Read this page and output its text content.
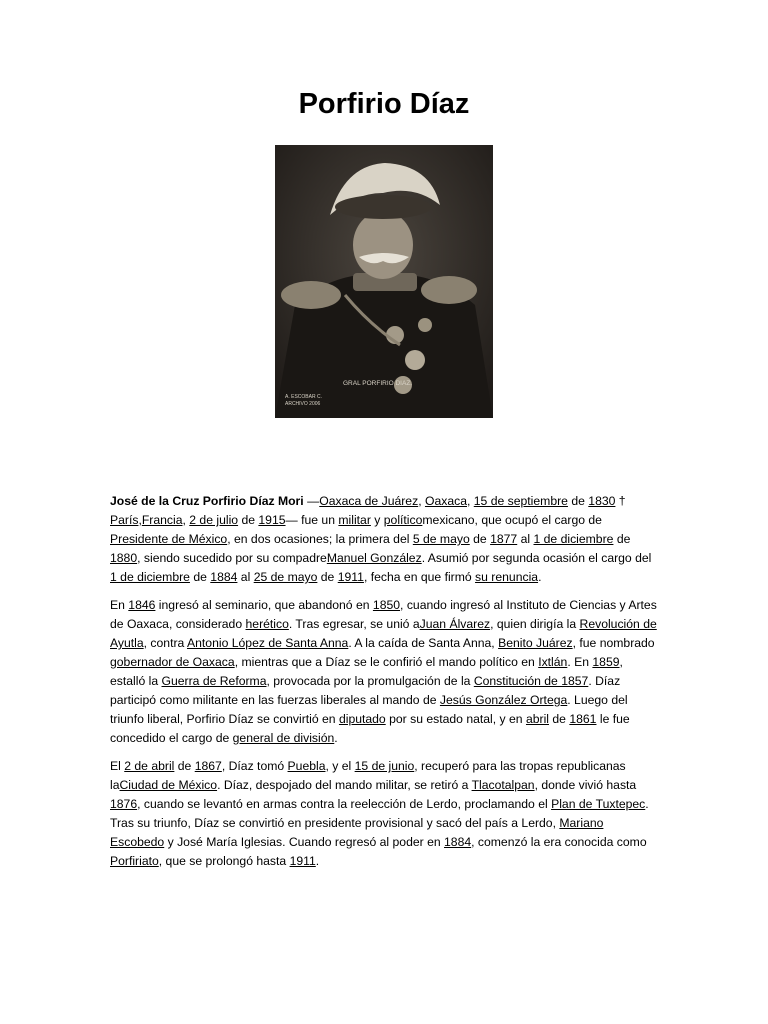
Porfirio Díaz
GRAL PORFIRIO DIAZ.
A. ESCOBAR C.
ARCHIVO 2006

José de la Cruz Porfirio Díaz Mori —Oaxaca de Juárez, Oaxaca, 15 de septiembre de 1830 † París,Francia, 2 de julio de 1915— fue un militar y políticomexicano, que ocupó el cargo de Presidente de México, en dos ocasiones; la primera del 5 de mayo de 1877 al 1 de diciembre de 1880, siendo sucedido por su compadreManuel González. Asumió por segunda ocasión el cargo del 1 de diciembre de 1884 al 25 de mayo de 1911, fecha en que firmó su renuncia.

En 1846 ingresó al seminario, que abandonó en 1850, cuando ingresó al Instituto de Ciencias y Artes de Oaxaca, considerado herético. Tras egresar, se unió aJuan Álvarez, quien dirigía la Revolución de Ayutla, contra Antonio López de Santa Anna. A la caída de Santa Anna, Benito Juárez, fue nombrado gobernador de Oaxaca, mientras que a Díaz se le confirió el mando político en Ixtlán. En 1859, estalló la Guerra de Reforma, provocada por la promulgación de la Constitución de 1857. Díaz participó como militante en las fuerzas liberales al mando de Jesús González Ortega. Luego del triunfo liberal, Porfirio Díaz se convirtió en diputado por su estado natal, y en abril de 1861 le fue concedido el cargo de general de división.

El 2 de abril de 1867, Díaz tomó Puebla, y el 15 de junio, recuperó para las tropas republicanas laCiudad de México. Díaz, despojado del mando militar, se retiró a Tlacotalpan, donde vivió hasta 1876, cuando se levantó en armas contra la reelección de Lerdo, proclamando el Plan de Tuxtepec. Tras su triunfo, Díaz se convirtió en presidente provisional y sacó del país a Lerdo, Mariano Escobedo y José María Iglesias. Cuando regresó al poder en 1884, comenzó la era conocida como Porfiriato, que se prolongó hasta 1911.
